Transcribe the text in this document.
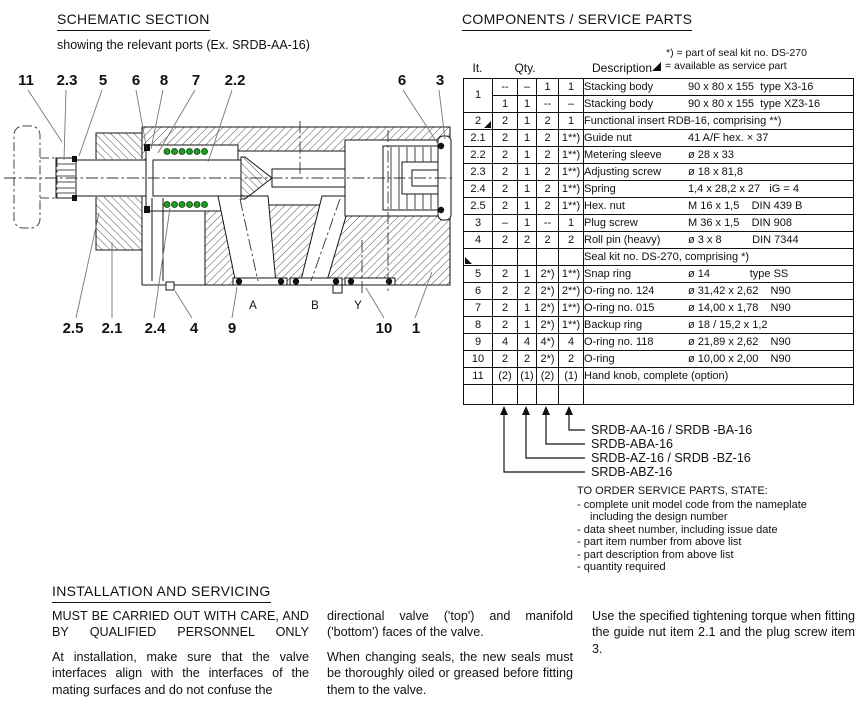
SCHEMATIC SECTION
showing the relevant ports (Ex. SRDB-AA-16)
11 2.3 5 6 8 7 2.2	6 3
2.5 2.1 2.4 4 9	10 1
A	B	Y
COMPONENTS / SERVICE PARTS
*) = part of seal kit no. DS-270
= available as service part
It.	Qty.	Description
1	--	–	1	1	Stacking body 90 x 80 x 155  type X3-16
	1	1	--	–	Stacking body 90 x 80 x 155  type XZ3-16
2	2	1	2	1	Functional insert RDB-16, comprising **)
2.1	2	1	2	1**)	Guide nut 41 A/F hex. × 37
2.2	2	1	2	1**)	Metering sleeve ø 28 x 33
2.3	2	1	2	1**)	Adjusting screw ø 18 x 81,8
2.4	2	1	2	1**)	Spring 1,4 x 28,2 x 27   iG = 4
2.5	2	1	2	1**)	Hex. nut M 16 x 1,5    DIN 439 B
3	–	1	--	1	Plug screw M 36 x 1,5    DIN 908
4	2	2	2	2	Roll pin (heavy) ø 3 x 8          DIN 7344

					Seal kit no. DS-270, comprising *)
5	2	1	2*)	1**)	Snap ring ø 14             type SS
6	2	2	2*)	2**)	O-ring no. 124 ø 31,42 x 2,62    N90
7	2	1	2*)	1**)	O-ring no. 015 ø 14,00 x 1,78    N90
8	2	1	2*)	1**)	Backup ring ø 18 / 15,2 x 1,2
9	4	4	4*)	4	O-ring no. 118 ø 21,89 x 2,62    N90
10	2	2	2*)	2	O-ring ø 10,00 x 2,00    N90
11	(2)	(1)	(2)	(1)	Hand knob, complete (option)

SRDB-AA-16 / SRDB -BA-16
SRDB-ABA-16
SRDB-AZ-16 / SRDB -BZ-16
SRDB-ABZ-16
TO ORDER SERVICE PARTS, STATE:
- complete unit model code from the nameplate including the design number
- data sheet number, including issue date
- part item number from above list
- part description from above list
- quantity required
INSTALLATION AND SERVICING

MUST BE CARRIED OUT WITH CARE, AND BY QUALIFIED PERSONNEL ONLY

At installation, make sure that the valve interfaces align with the interfaces of the mating surfaces and do not confuse the

directional valve ('top') and manifold ('bottom') faces of the valve.

When changing seals, the new seals must be thoroughly oiled or greased before fitting them to the valve.

Use the specified tightening torque when fitting the guide nut item 2.1 and the plug screw item 3.
